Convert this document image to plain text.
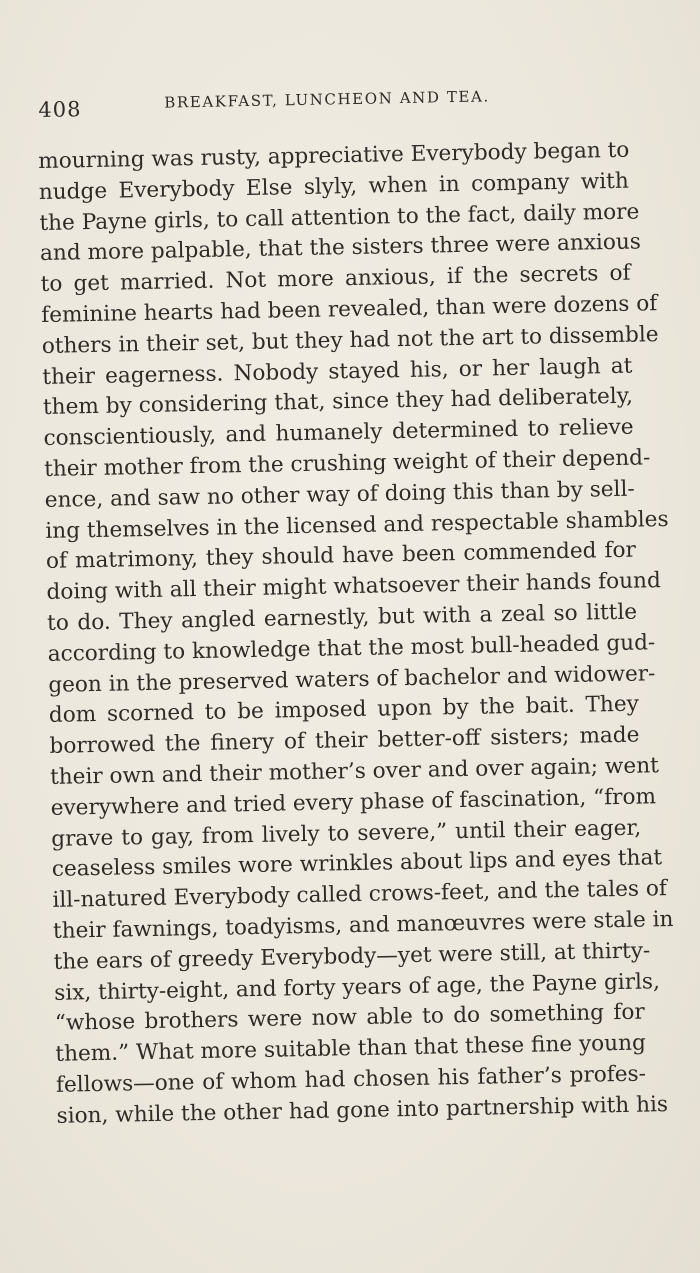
408	BREAKFAST, LUNCHEON AND TEA.
mourning was rusty, appreciative Everybody began to
nudge Everybody Else slyly, when in company with
the Payne girls, to call attention to the fact, daily more
and more palpable, that the sisters three were anxious
to get married. Not more anxious, if the secrets of
feminine hearts had been revealed, than were dozens of
others in their set, but they had not the art to dissemble
their eagerness. Nobody stayed his, or her laugh at
them by considering that, since they had deliberately,
conscientiously, and humanely determined to relieve
their mother from the crushing weight of their depend-
ence, and saw no other way of doing this than by sell-
ing themselves in the licensed and respectable shambles
of matrimony, they should have been commended for
doing with all their might whatsoever their hands found
to do. They angled earnestly, but with a zeal so little
according to knowledge that the most bull-headed gud-
geon in the preserved waters of bachelor and widower-
dom scorned to be imposed upon by the bait. They
borrowed the finery of their better-off sisters; made
their own and their mother’s over and over again; went
everywhere and tried every phase of fascination, “from
grave to gay, from lively to severe,” until their eager,
ceaseless smiles wore wrinkles about lips and eyes that
ill-natured Everybody called crows-feet, and the tales of
their fawnings, toadyisms, and manœuvres were stale in
the ears of greedy Everybody—yet were still, at thirty-
six, thirty-eight, and forty years of age, the Payne girls,
“whose brothers were now able to do something for
them.” What more suitable than that these fine young
fellows—one of whom had chosen his father’s profes-
sion, while the other had gone into partnership with his
